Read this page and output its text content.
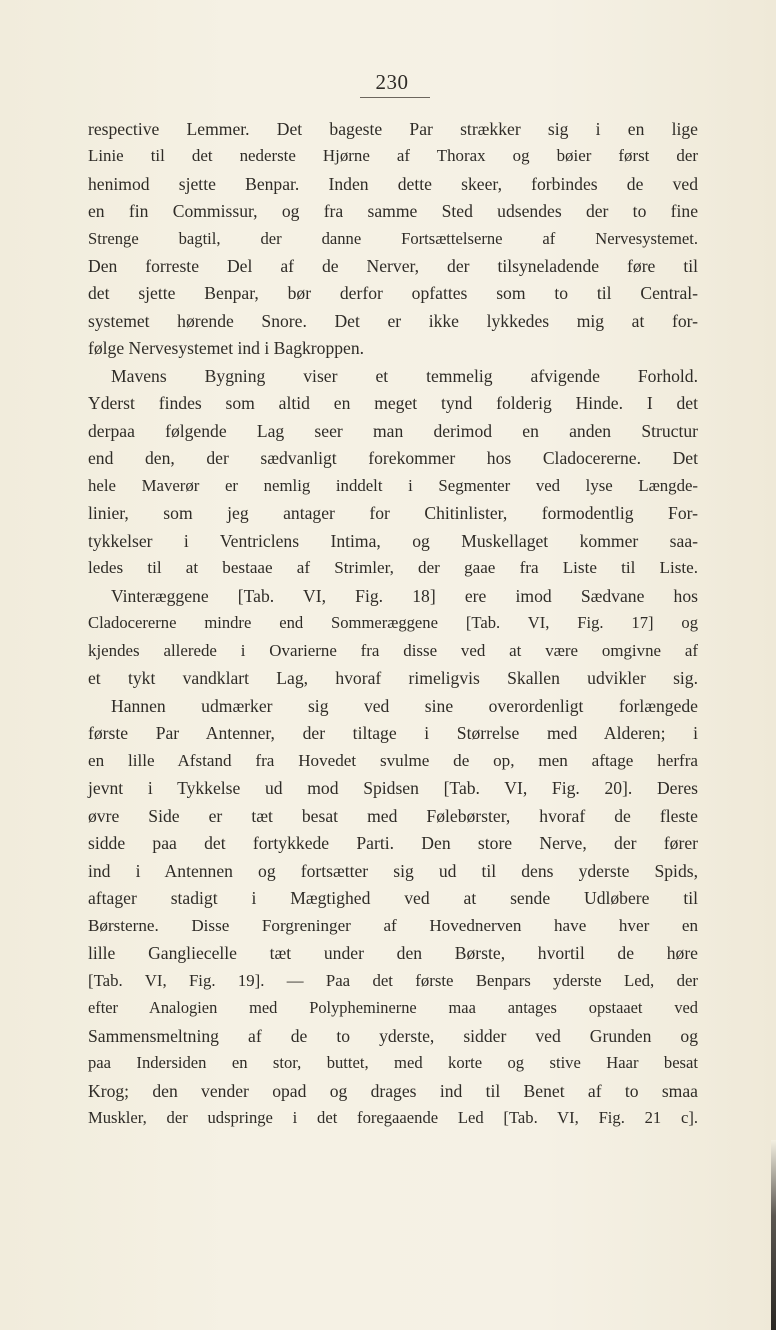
230
respective Lemmer. Det bageste Par strækker sig i en lige
Linie til det nederste Hjørne af Thorax og bøier først der
henimod sjette Benpar. Inden dette skeer, forbindes de ved
en fin Commissur, og fra samme Sted udsendes der to fine
Strenge bagtil, der danne Fortsættelserne af Nervesystemet.
Den forreste Del af de Nerver, der tilsyneladende føre til
det sjette Benpar, bør derfor opfattes som to til Central-
systemet hørende Snore. Det er ikke lykkedes mig at for-
følge Nervesystemet ind i Bagkroppen.
Mavens Bygning viser et temmelig afvigende Forhold.
Yderst findes som altid en meget tynd folderig Hinde. I det
derpaa følgende Lag seer man derimod en anden Structur
end den, der sædvanligt forekommer hos Cladocererne. Det
hele Maverør er nemlig inddelt i Segmenter ved lyse Længde-
linier, som jeg antager for Chitinlister, formodentlig For-
tykkelser i Ventriclens Intima, og Muskellaget kommer saa-
ledes til at bestaae af Strimler, der gaae fra Liste til Liste.
Vinteræggene [Tab. VI, Fig. 18] ere imod Sædvane hos
Cladocererne mindre end Sommeræggene [Tab. VI, Fig. 17] og
kjendes allerede i Ovarierne fra disse ved at være omgivne af
et tykt vandklart Lag, hvoraf rimeligvis Skallen udvikler sig.
Hannen udmærker sig ved sine overordenligt forlængede
første Par Antenner, der tiltage i Størrelse med Alderen; i
en lille Afstand fra Hovedet svulme de op, men aftage herfra
jevnt i Tykkelse ud mod Spidsen [Tab. VI, Fig. 20]. Deres
øvre Side er tæt besat med Følebørster, hvoraf de fleste
sidde paa det fortykkede Parti. Den store Nerve, der fører
ind i Antennen og fortsætter sig ud til dens yderste Spids,
aftager stadigt i Mægtighed ved at sende Udløbere til
Børsterne. Disse Forgreninger af Hovednerven have hver en
lille Gangliecelle tæt under den Børste, hvortil de høre
[Tab. VI, Fig. 19]. — Paa det første Benpars yderste Led, der
efter Analogien med Polypheminerne maa antages opstaaet ved
Sammensmeltning af de to yderste, sidder ved Grunden og
paa Indersiden en stor, buttet, med korte og stive Haar besat
Krog; den vender opad og drages ind til Benet af to smaa
Muskler, der udspringe i det foregaaende Led [Tab. VI, Fig. 21 c].
